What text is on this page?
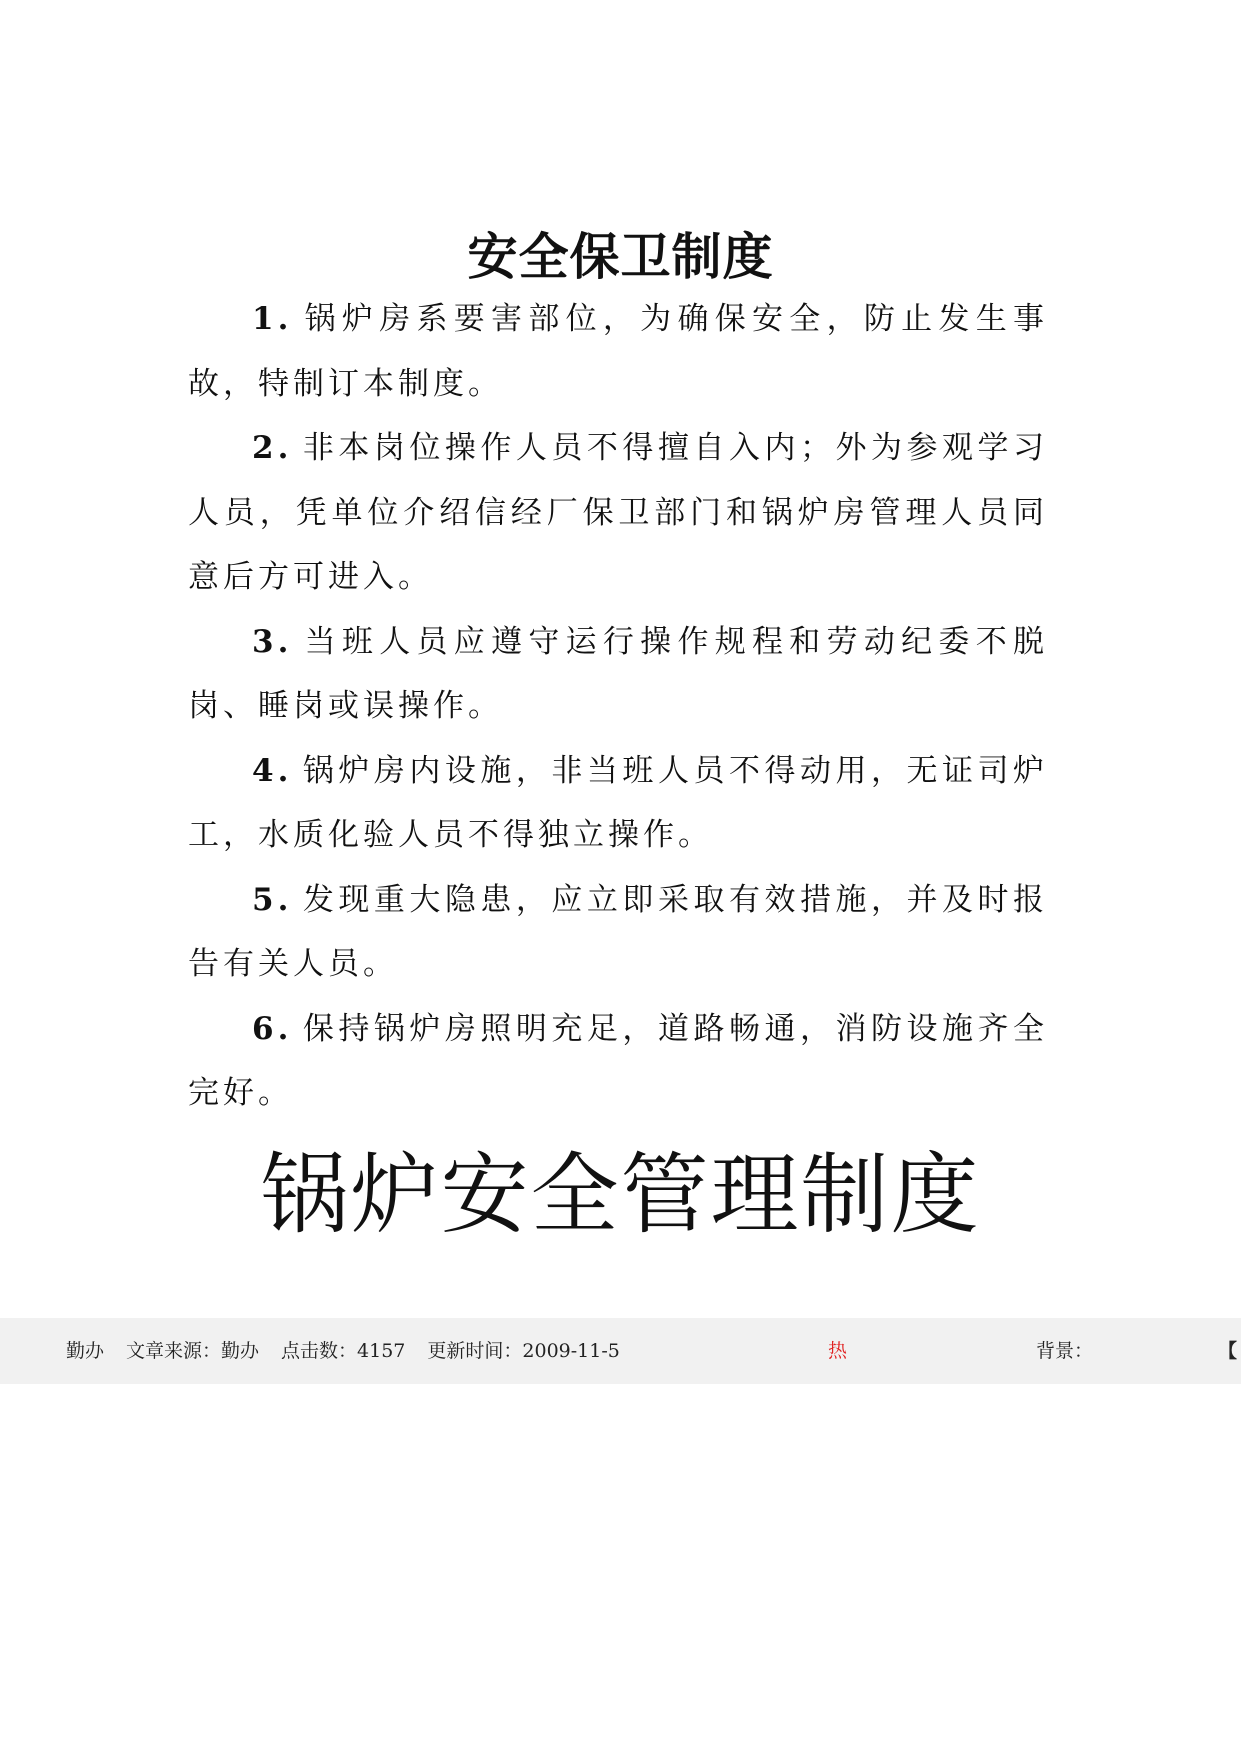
安全保卫制度

1. 锅炉房系要害部位，为确保安全，防止发生事故，特制订本制度。

2. 非本岗位操作人员不得擅自入内；外为参观学习人员，凭单位介绍信经厂保卫部门和锅炉房管理人员同意后方可进入。

3. 当班人员应遵守运行操作规程和劳动纪委不脱岗、睡岗或误操作。

4. 锅炉房内设施，非当班人员不得动用，无证司炉工，水质化验人员不得独立操作。

5. 发现重大隐患，应立即采取有效措施，并及时报告有关人员。

6. 保持锅炉房照明充足，道路畅通，消防设施齐全完好。

锅炉安全管理制度
勤办 文章来源：勤办 点击数：4157 更新时间：2009-11-5	热	背景：	【
